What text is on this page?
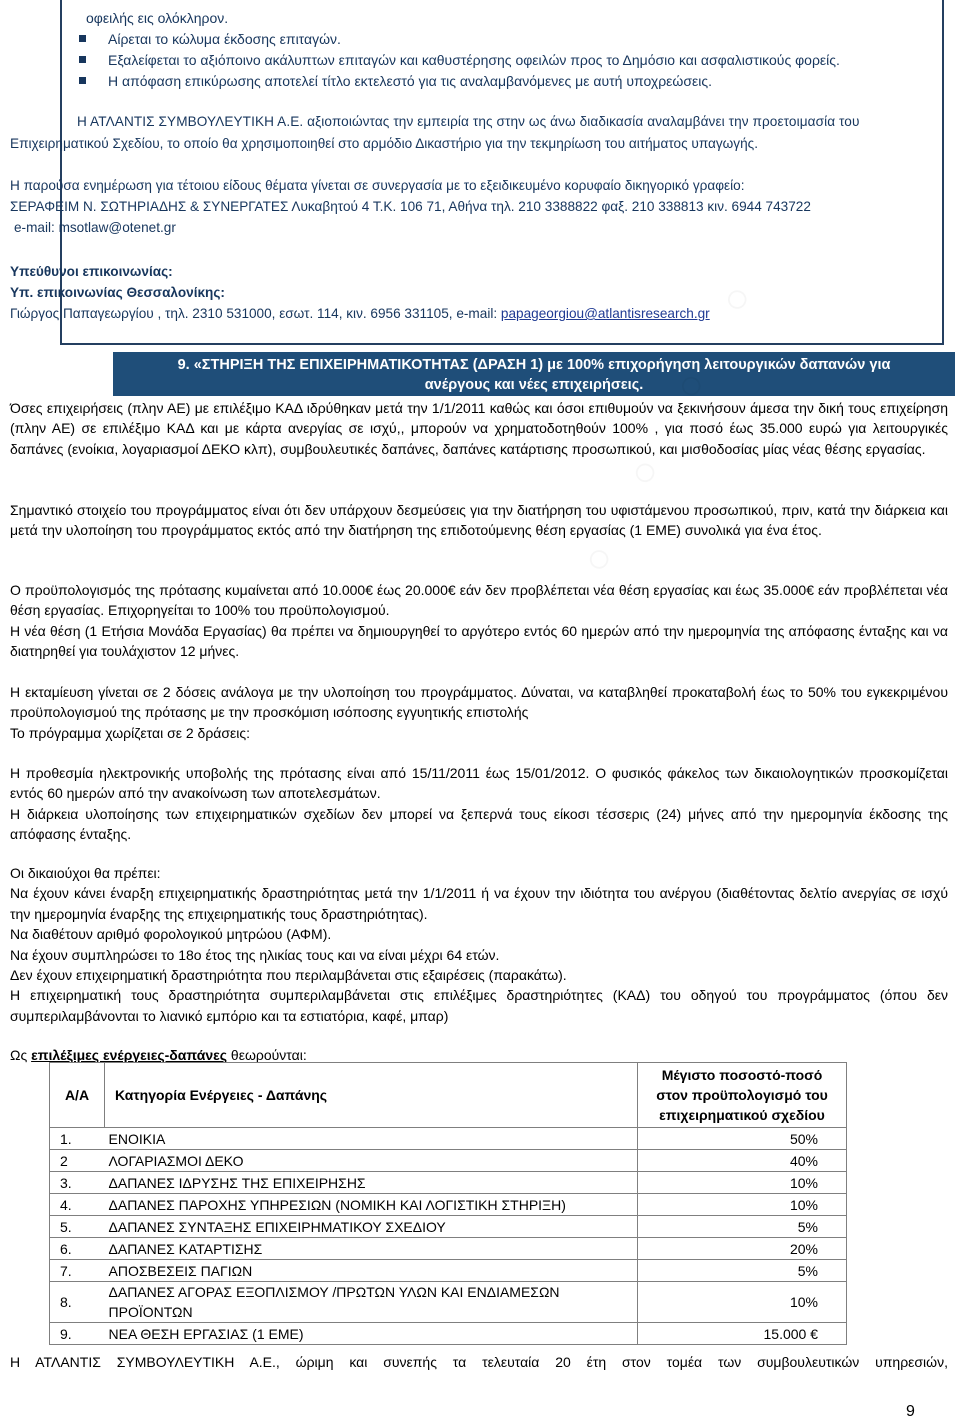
οφειλής εις ολόκληρον.
Αίρεται το κώλυμα έκδοσης επιταγών.
Εξαλείφεται το αξιόποινο ακάλυπτων επιταγών και καθυστέρησης οφειλών προς το Δημόσιο και ασφαλιστικούς φορείς.
Η απόφαση επικύρωσης αποτελεί τίτλο εκτελεστό για τις αναλαμβανόμενες με αυτή υποχρεώσεις.
Η ΑΤΛΑΝΤΙΣ ΣΥΜΒΟΥΛΕΥΤΙΚΗ Α.Ε. αξιοποιώντας την εμπειρία της στην ως άνω διαδικασία αναλαμβάνει την προετοιμασία του
Επιχειρηματικού Σχεδίου, το οποίο θα χρησιμοποιηθεί στο αρμόδιο Δικαστήριο για την τεκμηρίωση του αιτήματος υπαγωγής.
Η παρούσα ενημέρωση για τέτοιου είδους θέματα γίνεται σε συνεργασία με το εξειδικευμένο κορυφαίο δικηγορικό γραφείο:
ΣΕΡΑΦΕΙΜ Ν. ΣΩΤΗΡΙΑΔΗΣ & ΣΥΝΕΡΓΑΤΕΣ Λυκαβητού 4 Τ.Κ. 106 71, Αθήνα τηλ. 210 3388822 φαξ. 210 338813 κιν. 6944 743722
e-mail: msotlaw@otenet.gr
Υπεύθυνοι επικοινωνίας:
Υπ. επικοινωνίας Θεσσαλονίκης:
Γιώργος Παπαγεωργίου , τηλ. 2310 531000, εσωτ. 114, κιν. 6956 331105, e-mail: papageorgiou@atlantisresearch.gr
9. «ΣΤΗΡΙΞΗ ΤΗΣ ΕΠΙΧΕΙΡΗΜΑΤΙΚΟΤΗΤΑΣ (ΔΡΑΣΗ 1) με 100% επιχορήγηση λειτουργικών δαπανών για
ανέργους και νέες επιχειρήσεις.

Όσες επιχειρήσεις (πλην ΑΕ) με επιλέξιμο ΚΑΔ ιδρύθηκαν μετά την 1/1/2011 καθώς και όσοι επιθυμούν να ξεκινήσουν άμεσα την δική τους επιχείρηση (πλην ΑΕ) σε επιλέξιμο ΚΑΔ και με κάρτα ανεργίας σε ισχύ,, μπορούν να χρηματοδοτηθούν 100% , για ποσό έως 35.000 ευρώ για λειτουργικές δαπάνες (ενοίκια, λογαριασμοί ΔΕΚΟ κλπ), συμβουλευτικές δαπάνες, δαπάνες κατάρτισης προσωπικού, και μισθοδοσίας μίας νέας θέσης εργασίας.

Σημαντικό στοιχείο του προγράμματος είναι ότι δεν υπάρχουν δεσμεύσεις για την διατήρηση του υφιστάμενου προσωπικού, πριν, κατά την διάρκεια και μετά την υλοποίηση του προγράμματος εκτός από την διατήρηση της επιδοτούμενης θέση εργασίας (1 ΕΜΕ) συνολικά για ένα έτος.

Ο προϋπολογισμός της πρότασης κυμαίνεται από 10.000€ έως 20.000€ εάν δεν προβλέπεται νέα θέση εργασίας και έως 35.000€ εάν προβλέπεται νέα θέση εργασίας. Επιχορηγείται το 100% του προϋπολογισμού.

Η νέα θέση (1 Ετήσια Μονάδα Εργασίας) θα πρέπει να δημιουργηθεί το αργότερο εντός 60 ημερών από την ημερομηνία της απόφασης ένταξης και να διατηρηθεί για τουλάχιστον 12 μήνες.

Η εκταμίευση γίνεται σε 2 δόσεις ανάλογα με την υλοποίηση του προγράμματος. Δύναται, να καταβληθεί προκαταβολή έως το 50% του εγκεκριμένου προϋπολογισμού της πρότασης με την προσκόμιση ισόποσης εγγυητικής επιστολής

Το πρόγραμμα χωρίζεται σε 2 δράσεις:

Η προθεσμία ηλεκτρονικής υποβολής της πρότασης είναι από 15/11/2011 έως 15/01/2012. Ο φυσικός φάκελος των δικαιολογητικών προσκομίζεται εντός 60 ημερών από την ανακοίνωση των αποτελεσμάτων.

Η διάρκεια υλοποίησης των επιχειρηματικών σχεδίων δεν μπορεί να ξεπερνά τους είκοσι τέσσερις (24) μήνες από την ημερομηνία έκδοσης της απόφασης ένταξης.

Οι δικαιούχοι θα πρέπει:

Να έχουν κάνει έναρξη επιχειρηματικής δραστηριότητας μετά την 1/1/2011 ή να έχουν την ιδιότητα του ανέργου (διαθέτοντας δελτίο ανεργίας σε ισχύ την ημερομηνία έναρξης της επιχειρηματικής τους δραστηριότητας).

Να διαθέτουν αριθμό φορολογικού μητρώου (ΑΦΜ).

Να έχουν συμπληρώσει το 18ο έτος της ηλικίας τους και να είναι μέχρι 64 ετών.

Δεν έχουν επιχειρηματική δραστηριότητα που περιλαμβάνεται στις εξαιρέσεις (παρακάτω).

Η επιχειρηματική τους δραστηριότητα συμπεριλαμβάνεται στις επιλέξιμες δραστηριότητες (ΚΑΔ) του οδηγού του προγράμματος (όπου δεν συμπεριλαμβάνονται το λιανικό εμπόριο και τα εστιατόρια, καφέ, μπαρ)

Ως επιλέξιμες ενέργειες-δαπάνες θεωρούνται:

Α/Α	Κατηγορία Ενέργειες - Δαπάνης	Μέγιστο ποσοστό-ποσό
στον προϋπολογισμό του
επιχειρηματικού σχεδίου
1.	ΕΝΟΙΚΙΑ	50%
2	ΛΟΓΑΡΙΑΣΜΟΙ ΔΕΚΟ	40%
3.	ΔΑΠΑΝΕΣ ΙΔΡΥΣΗΣ ΤΗΣ ΕΠΙΧΕΙΡΗΣΗΣ	10%
4.	ΔΑΠΑΝΕΣ ΠΑΡΟΧΗΣ ΥΠΗΡΕΣΙΩΝ (ΝΟΜΙΚΗ ΚΑΙ ΛΟΓΙΣΤΙΚΗ ΣΤΗΡΙΞΗ)	10%
5.	ΔΑΠΑΝΕΣ ΣΥΝΤΑΞΗΣ ΕΠΙΧΕΙΡΗΜΑΤΙΚΟΥ ΣΧΕΔΙΟΥ	5%
6.	ΔΑΠΑΝΕΣ ΚΑΤΑΡΤΙΣΗΣ	20%
7.	ΑΠΟΣΒΕΣΕΙΣ ΠΑΓΙΩΝ	5%
8.	ΔΑΠΑΝΕΣ ΑΓΟΡΑΣ ΕΞΟΠΛΙΣΜΟΥ /ΠΡΩΤΩΝ ΥΛΩΝ ΚΑΙ ΕΝΔΙΑΜΕΣΩΝ ΠΡΟΪΟΝΤΩΝ	10%
9.	ΝΕΑ ΘΕΣΗ ΕΡΓΑΣΙΑΣ (1 ΕΜΕ)	15.000 €
Η ΑΤΛΑΝΤΙΣ ΣΥΜΒΟΥΛΕΥΤΙΚΗ Α.Ε., ώριμη και συνεπής τα τελευταία 20 έτη στον τομέα των συμβουλευτικών υπηρεσιών,
9
